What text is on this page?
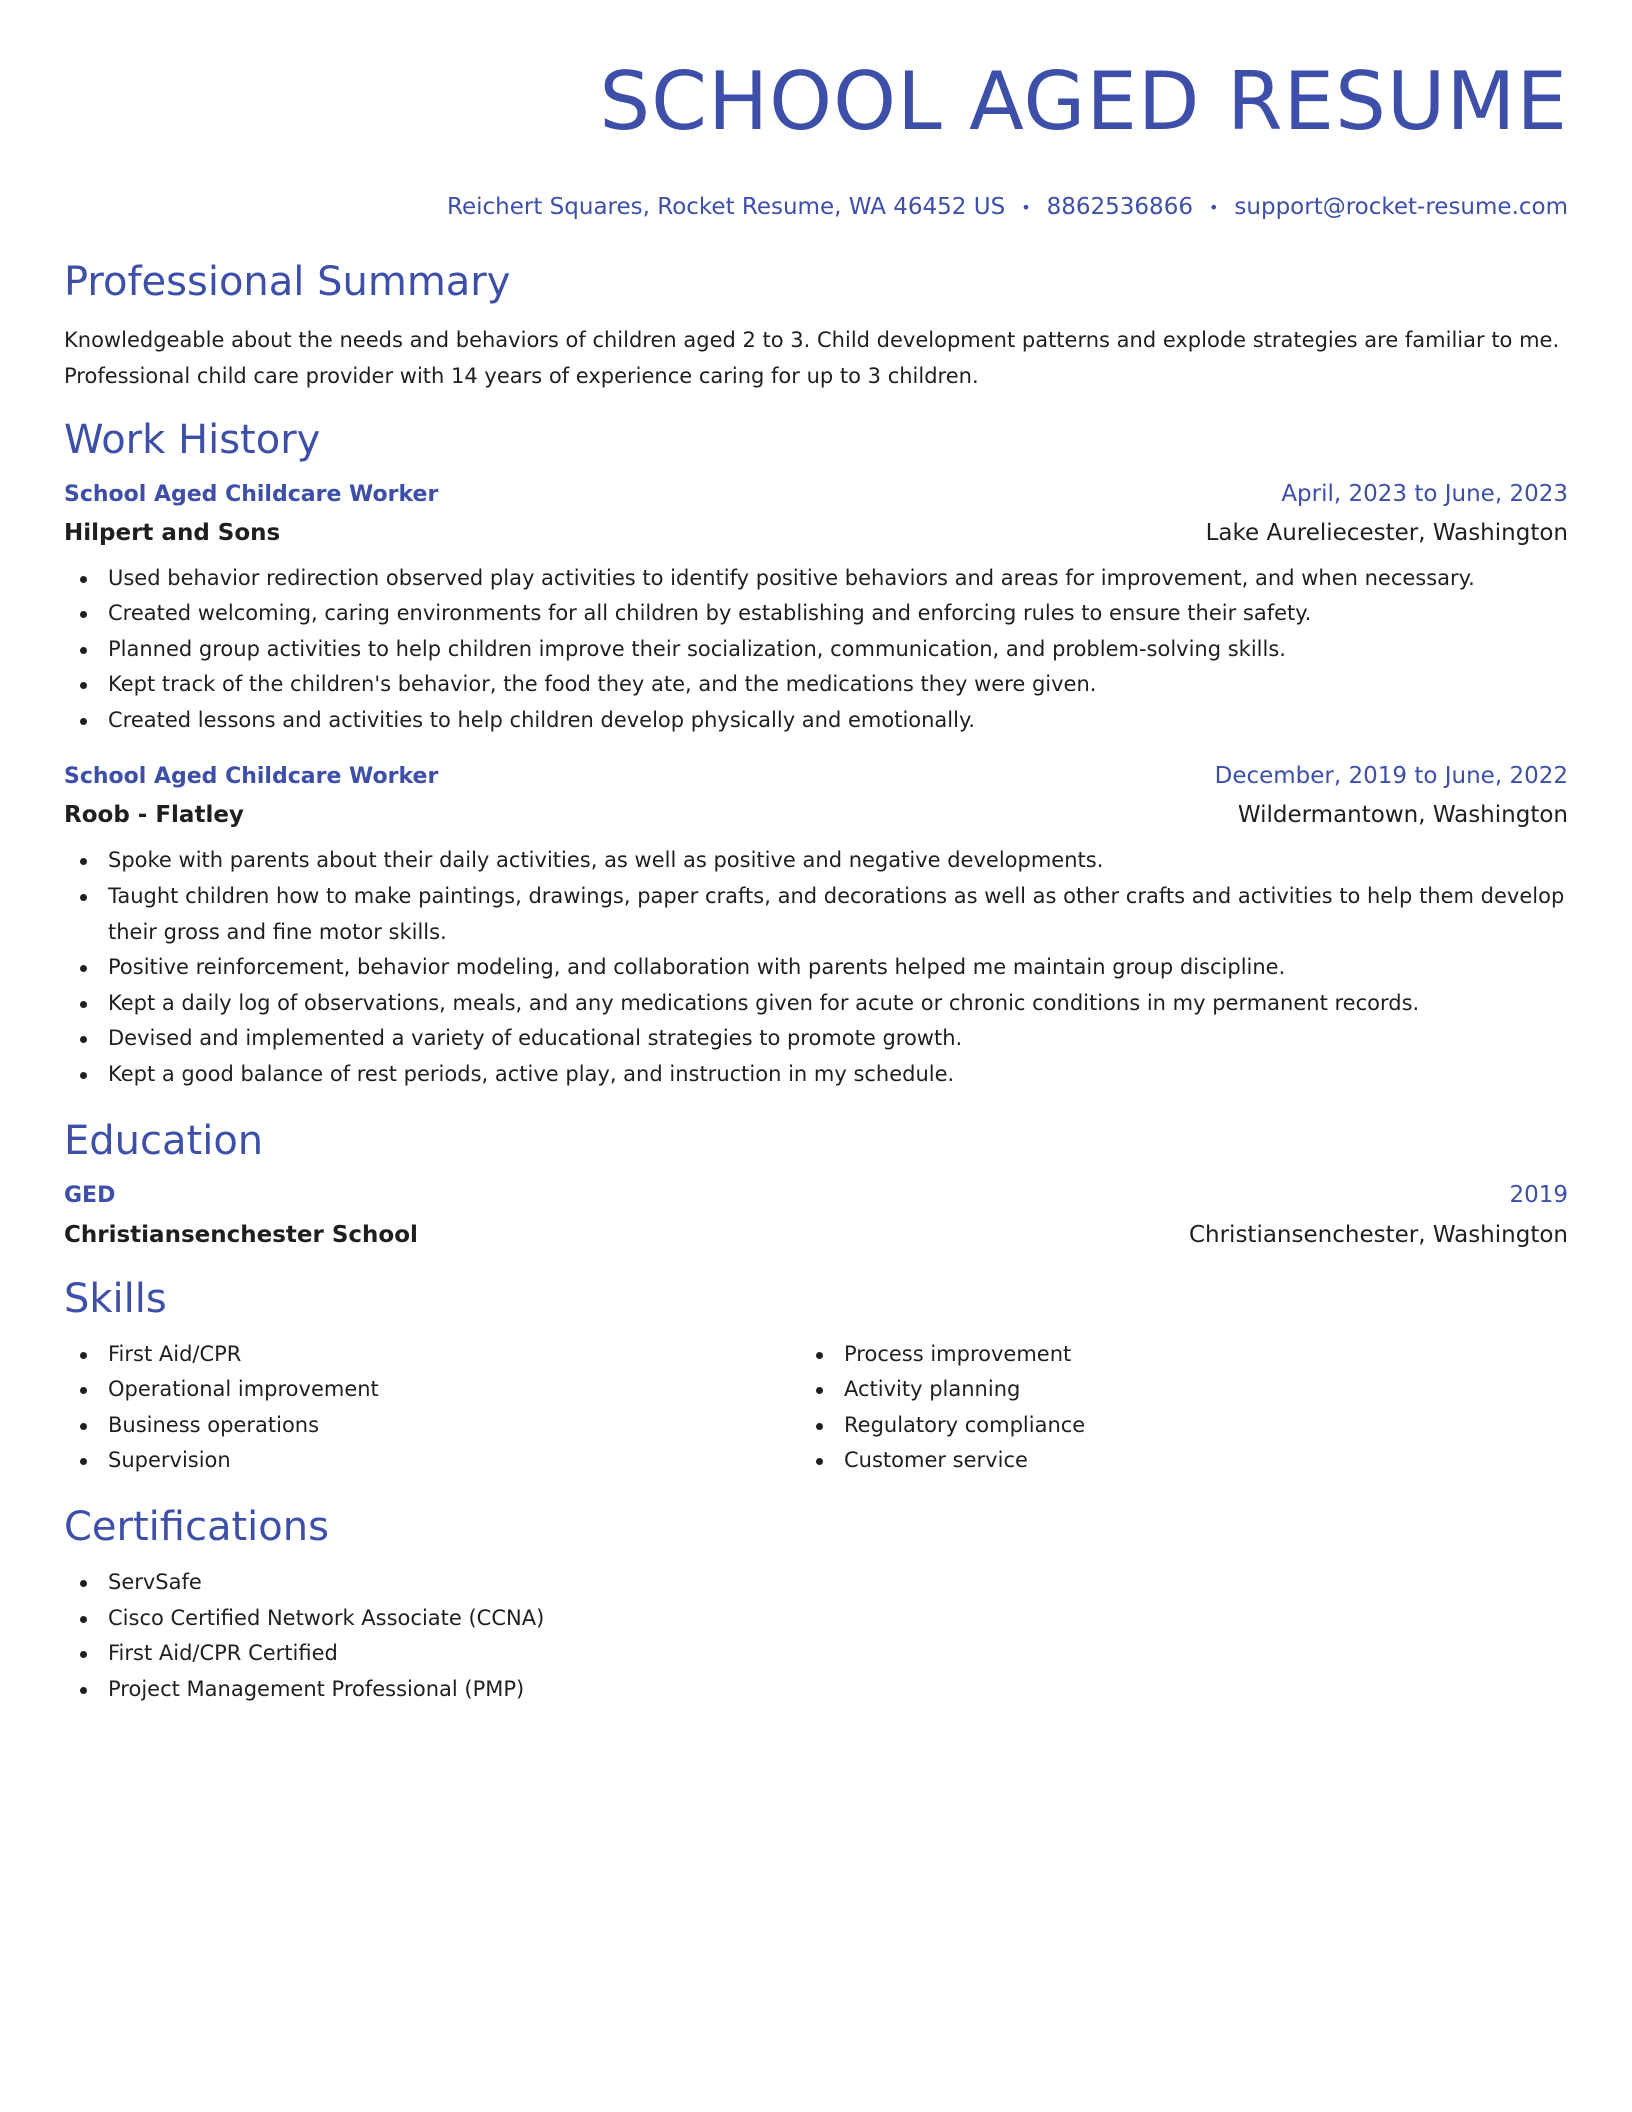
SCHOOL AGED RESUME
Reichert Squares, Rocket Resume, WA 46452 US • 8862536866 • support@rocket-resume.com
Professional Summary

Knowledgeable about the needs and behaviors of children aged 2 to 3. Child development patterns and explode strategies are familiar to me. Professional child care provider with 14 years of experience caring for up to 3 children.

Work History
School Aged Childcare Worker	April, 2023 to June, 2023
Hilpert and Sons	Lake Aureliecester, Washington
Used behavior redirection observed play activities to identify positive behaviors and areas for improvement, and when necessary.
Created welcoming, caring environments for all children by establishing and enforcing rules to ensure their safety.
Planned group activities to help children improve their socialization, communication, and problem-solving skills.
Kept track of the children's behavior, the food they ate, and the medications they were given.
Created lessons and activities to help children develop physically and emotionally.
School Aged Childcare Worker	December, 2019 to June, 2022
Roob - Flatley	Wildermantown, Washington
Spoke with parents about their daily activities, as well as positive and negative developments.
Taught children how to make paintings, drawings, paper crafts, and decorations as well as other crafts and activities to help them develop their gross and fine motor skills.
Positive reinforcement, behavior modeling, and collaboration with parents helped me maintain group discipline.
Kept a daily log of observations, meals, and any medications given for acute or chronic conditions in my permanent records.
Devised and implemented a variety of educational strategies to promote growth.
Kept a good balance of rest periods, active play, and instruction in my schedule.
Education
GED	2019
Christiansenchester School	Christiansenchester, Washington
Skills
First Aid/CPR
Operational improvement
Business operations
Supervision
Process improvement
Activity planning
Regulatory compliance
Customer service
Certifications
ServSafe
Cisco Certified Network Associate (CCNA)
First Aid/CPR Certified
Project Management Professional (PMP)
